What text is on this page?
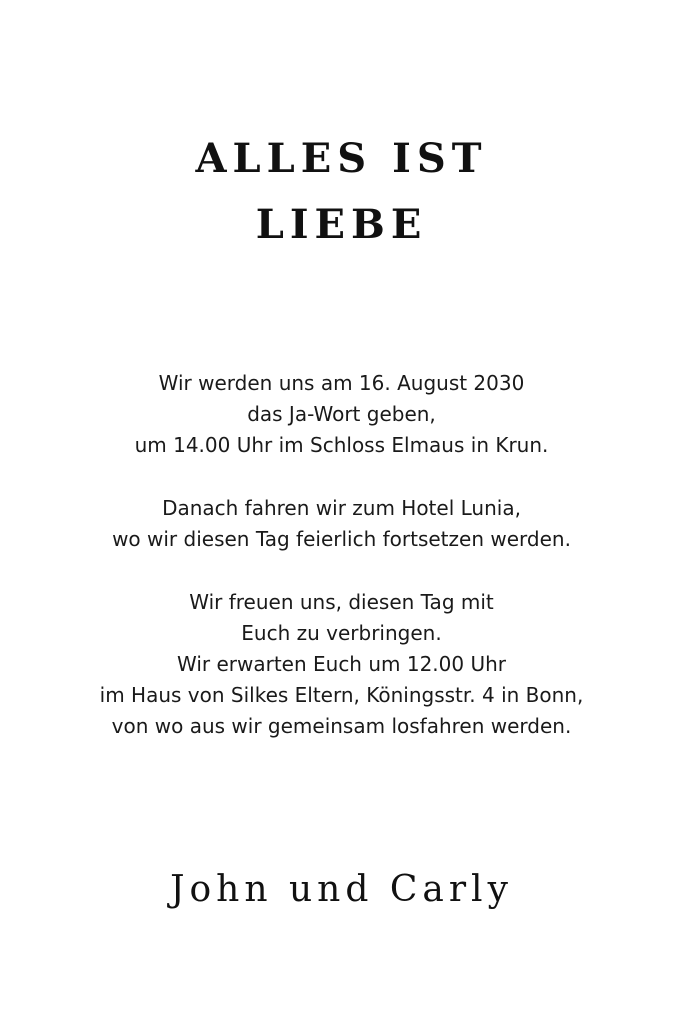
ALLES IST
LIEBE

Wir werden uns am 16. August 2030
das Ja-Wort geben,
um 14.00 Uhr im Schloss Elmaus in Krun.

Danach fahren wir zum Hotel Lunia,
wo wir diesen Tag feierlich fortsetzen werden.

Wir freuen uns, diesen Tag mit
Euch zu verbringen.
Wir erwarten Euch um 12.00 Uhr
im Haus von Silkes Eltern, Köningsstr. 4 in Bonn,
von wo aus wir gemeinsam losfahren werden.

John und Carly
